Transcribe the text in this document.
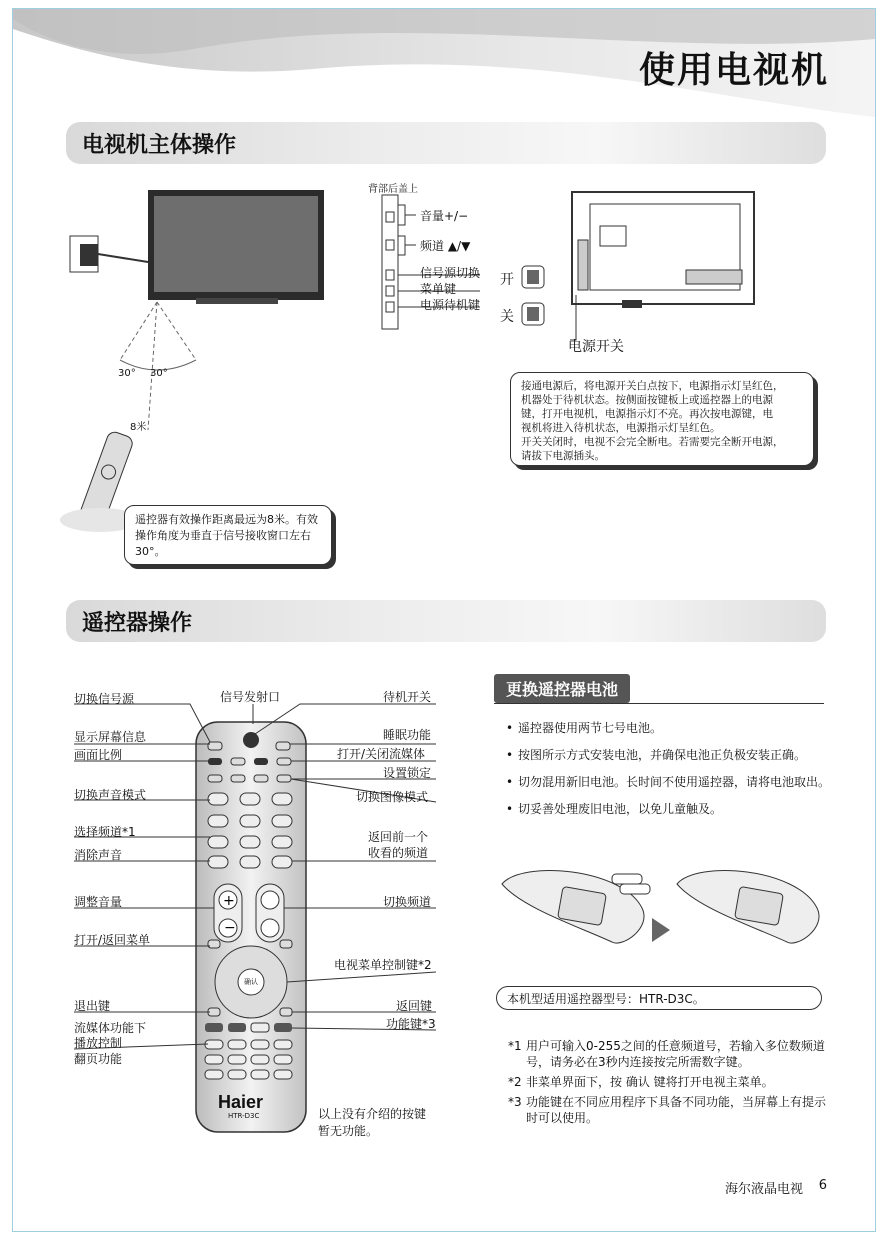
使用电视机
电视机主体操作
30° 30°
8米
遥控器有效操作距离最远为8米。有效操作角度为垂直于信号接收窗口左右30°。
背部后盖上
音量+/−
频道 ▲/▼
信号源切换
菜单键
电源待机键
开
关
电源开关
接通电源后，将电源开关白点按下，电源指示灯呈红色，
机器处于待机状态。按侧面按键板上或遥控器上的电源
键，打开电视机，电源指示灯不亮。再次按电源键，电
视机将进入待机状态，电源指示灯呈红色。
开关关闭时，电视不会完全断电。若需要完全断开电源，
请拔下电源插头。
遥控器操作
+
−
Haier
HTR-D3C
确认
切换信号源
显示屏幕信息
画面比例
切换声音模式
选择频道*1
消除声音
调整音量
打开/返回菜单
退出键
流媒体功能下
播放控制
翻页功能
信号发射口	待机开关
睡眠功能
打开/关闭流媒体
设置锁定
切换图像模式
返回前一个
收看的频道
切换频道
电视菜单控制键*2
返回键
功能键*3
以上没有介绍的按键
暂无功能。
更换遥控器电池
• 遥控器使用两节七号电池。
• 按图所示方式安装电池，并确保电池正负极安装正确。
• 切勿混用新旧电池。长时间不使用遥控器，请将电池取出。
• 切妥善处理废旧电池，以免儿童触及。
本机型适用遥控器型号：HTR-D3C。
*1 用户可输入0-255之间的任意频道号，若输入多位数频道号，请务必在3秒内连接按完所需数字键。
*2 非菜单界面下，按 确认 键将打开电视主菜单。
*3 功能键在不同应用程序下具备不同功能，当屏幕上有提示时可以使用。
海尔液晶电视 6
